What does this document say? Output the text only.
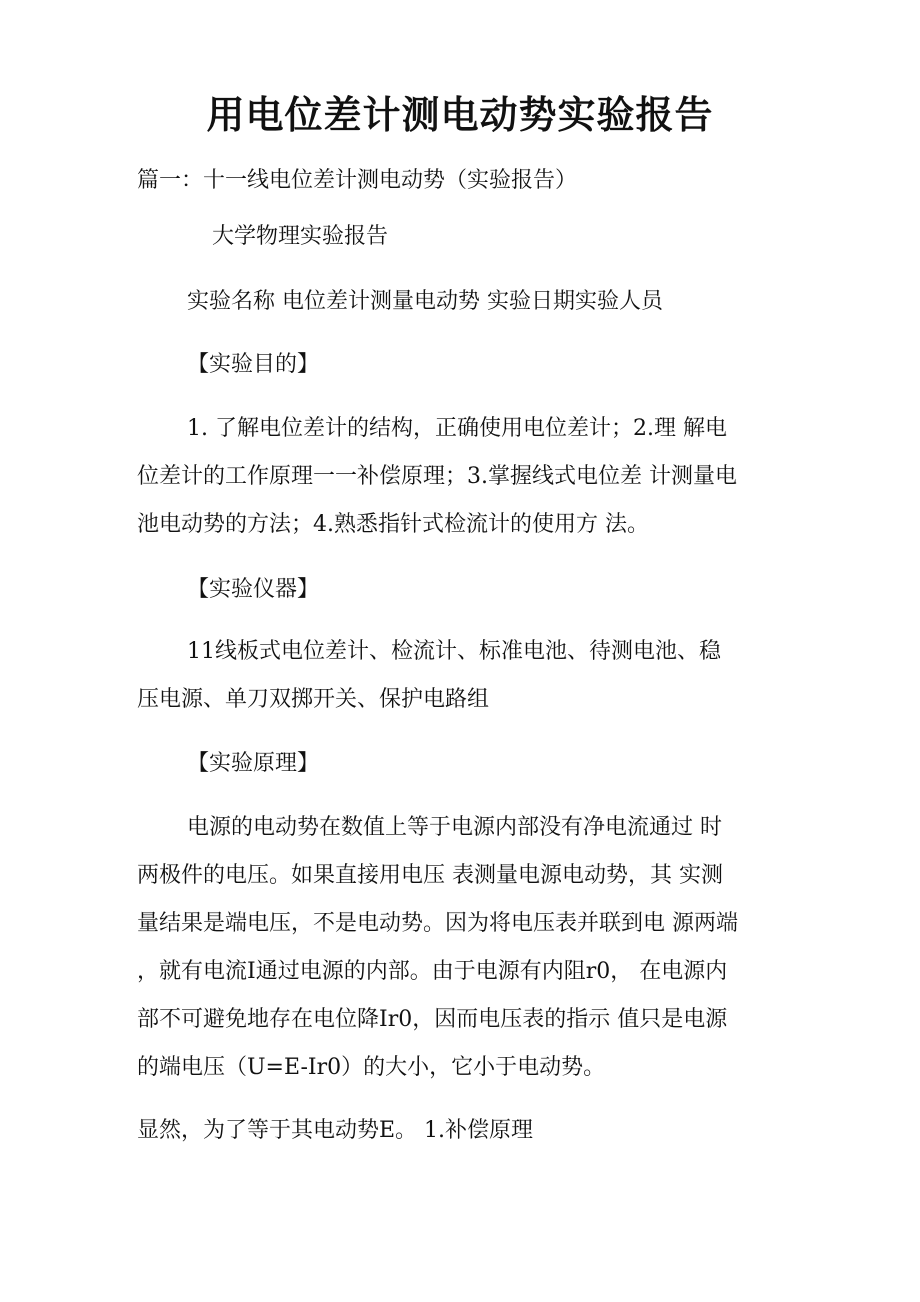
用电位差计测电动势实验报告
篇一：十一线电位差计测电动势（实验报告）
大学物理实验报告
实验名称 电位差计测量电动势 实验日期实验人员
【实验目的】
1. 了解电位差计的结构，正确使用电位差计；2.理 解电
位差计的工作原理一一补偿原理；3.掌握线式电位差 计测量电
池电动势的方法；4.熟悉指针式检流计的使用方 法。
【实验仪器】
11线板式电位差计、检流计、标准电池、待测电池、稳
压电源、单刀双掷开关、保护电路组
【实验原理】
电源的电动势在数值上等于电源内部没有净电流通过 时
两极件的电压。如果直接用电压 表测量电源电动势，其 实测
量结果是端电压，不是电动势。因为将电压表并联到电 源两端
，就有电流I通过电源的内部。由于电源有内阻r0， 在电源内
部不可避免地存在电位降Ir0，因而电压表的指示 值只是电源
的端电压（U=E-Ir0）的大小，它小于电动势。
显然，为了等于其电动势E。 1.补偿原理
